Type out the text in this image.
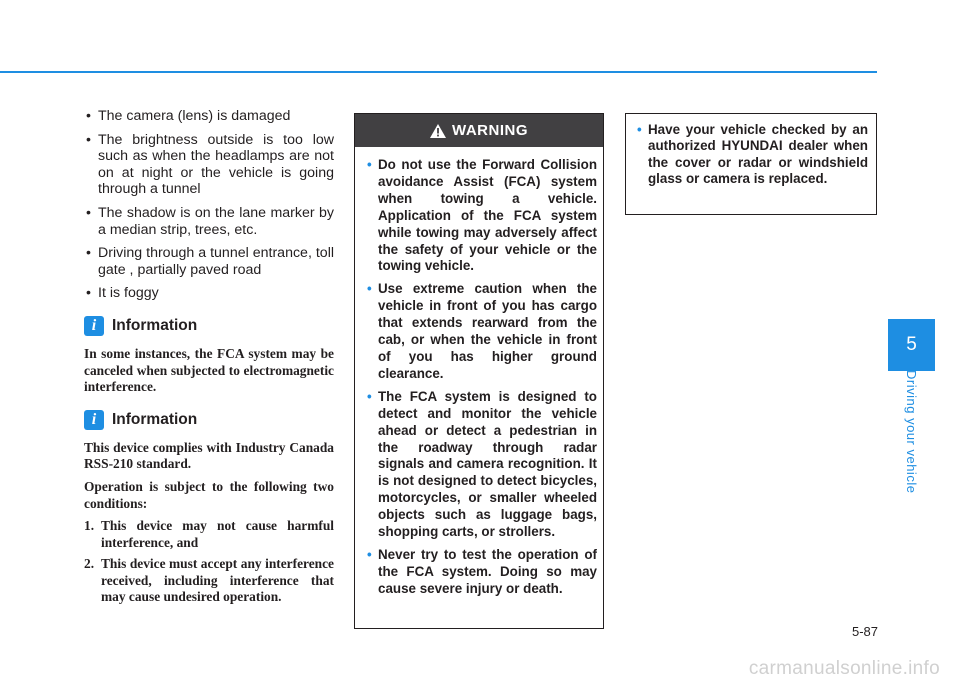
• The camera (lens) is damaged
• The brightness outside is too low such as when the headlamps are not on at night or the vehicle is going through a tunnel
• The shadow is on the lane marker by a median strip, trees, etc.
• Driving through a tunnel entrance, toll gate , partially paved road
• It is foggy
i	Information

In some instances, the FCA system may be canceled when subjected to electromagnetic interference.

i	Information

This device complies with Industry Canada RSS-210 standard.

Operation is subject to the following two conditions:

1. This device may not cause harmful interference, and
2. This device must accept any interference received, including interference that may cause undesired operation.
WARNING
• Do not use the Forward Collision avoidance Assist (FCA) system when towing a vehicle. Application of the FCA system while towing may adversely affect the safety of your vehicle or the towing vehicle.
• Use extreme caution when the vehicle in front of you has cargo that extends rearward from the cab, or when the vehicle in front of you has higher ground clearance.
• The FCA system is designed to detect and monitor the vehicle ahead or detect a pedestrian in the roadway through radar signals and camera recognition. It is not designed to detect bicycles, motorcycles, or smaller wheeled objects such as luggage bags, shopping carts, or strollers.
• Never try to test the operation of the FCA system. Doing so may cause severe injury or death.
• Have your vehicle checked by an authorized HYUNDAI dealer when the cover or radar or windshield glass or camera is replaced.
5
Driving your vehicle
5-87
carmanualsonline.info
